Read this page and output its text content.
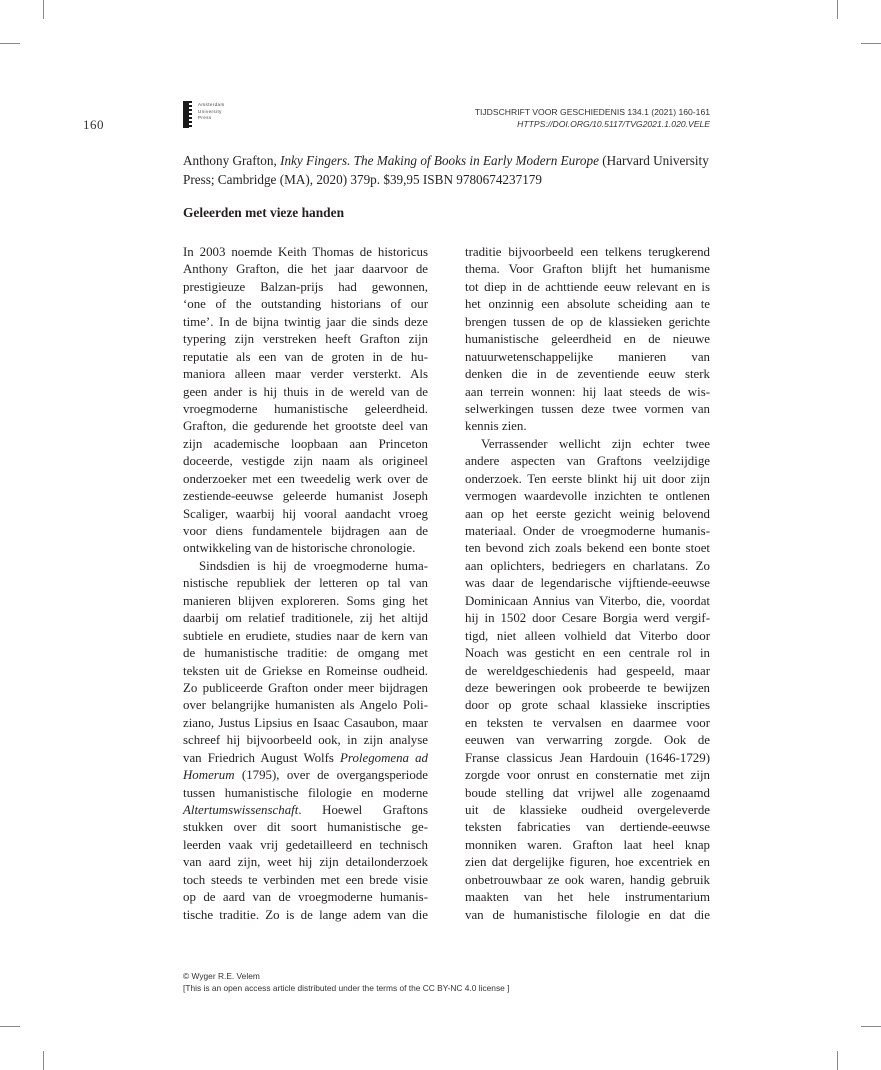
160
Amsterdam
University
Press
TIJDSCHRIFT VOOR GESCHIEDENIS 134.1 (2021) 160-161
HTTPS://DOI.ORG/10.5117/TVG2021.1.020.VELE
Anthony Grafton, Inky Fingers. The Making of Books in Early Modern Europe (Harvard University
Press; Cambridge (MA), 2020) 379p. $39,95 ISBN 9780674237179
Geleerden met vieze handen
In 2003 noemde Keith Thomas de historicus
Anthony Grafton, die het jaar daarvoor de
prestigieuze Balzan-prijs had gewonnen,
‘one of the outstanding historians of our
time’. In de bijna twintig jaar die sinds deze
typering zijn verstreken heeft Grafton zijn
reputatie als een van de groten in de hu-
maniora alleen maar verder versterkt. Als
geen ander is hij thuis in de wereld van de
vroegmoderne humanistische geleerdheid.
Grafton, die gedurende het grootste deel van
zijn academische loopbaan aan Princeton
doceerde, vestigde zijn naam als origineel
onderzoeker met een tweedelig werk over de
zestiende-eeuwse geleerde humanist Joseph
Scaliger, waarbij hij vooral aandacht vroeg
voor diens fundamentele bijdragen aan de
ontwikkeling van de historische chronologie.
Sindsdien is hij de vroegmoderne huma-
nistische republiek der letteren op tal van
manieren blijven exploreren. Soms ging het
daarbij om relatief traditionele, zij het altijd
subtiele en erudiete, studies naar de kern van
de humanistische traditie: de omgang met
teksten uit de Griekse en Romeinse oudheid.
Zo publiceerde Grafton onder meer bijdragen
over belangrijke humanisten als Angelo Poli-
ziano, Justus Lipsius en Isaac Casaubon, maar
schreef hij bijvoorbeeld ook, in zijn analyse
van Friedrich August Wolfs Prolegomena ad
Homerum (1795), over de overgangsperiode
tussen humanistische filologie en moderne
Altertumswissenschaft. Hoewel Graftons
stukken over dit soort humanistische ge-
leerden vaak vrij gedetailleerd en technisch
van aard zijn, weet hij zijn detailonderzoek
toch steeds te verbinden met een brede visie
op de aard van de vroegmoderne humanis-
tische traditie. Zo is de lange adem van die
traditie bijvoorbeeld een telkens terugkerend
thema. Voor Grafton blijft het humanisme
tot diep in de achttiende eeuw relevant en is
het onzinnig een absolute scheiding aan te
brengen tussen de op de klassieken gerichte
humanistische geleerdheid en de nieuwe
natuurwetenschappelijke manieren van
denken die in de zeventiende eeuw sterk
aan terrein wonnen: hij laat steeds de wis-
selwerkingen tussen deze twee vormen van
kennis zien.
Verrassender wellicht zijn echter twee
andere aspecten van Graftons veelzijdige
onderzoek. Ten eerste blinkt hij uit door zijn
vermogen waardevolle inzichten te ontlenen
aan op het eerste gezicht weinig belovend
materiaal. Onder de vroegmoderne humanis-
ten bevond zich zoals bekend een bonte stoet
aan oplichters, bedriegers en charlatans. Zo
was daar de legendarische vijftiende-eeuwse
Dominicaan Annius van Viterbo, die, voordat
hij in 1502 door Cesare Borgia werd vergif-
tigd, niet alleen volhield dat Viterbo door
Noach was gesticht en een centrale rol in
de wereldgeschiedenis had gespeeld, maar
deze beweringen ook probeerde te bewijzen
door op grote schaal klassieke inscripties
en teksten te vervalsen en daarmee voor
eeuwen van verwarring zorgde. Ook de
Franse classicus Jean Hardouin (1646-1729)
zorgde voor onrust en consternatie met zijn
boude stelling dat vrijwel alle zogenaamd
uit de klassieke oudheid overgeleverde
teksten fabricaties van dertiende-eeuwse
monniken waren. Grafton laat heel knap
zien dat dergelijke figuren, hoe excentriek en
onbetrouwbaar ze ook waren, handig gebruik
maakten van het hele instrumentarium
van de humanistische filologie en dat die
© Wyger R.E. Velem
[This is an open access article distributed under the terms of the CC BY-NC 4.0 license ]
